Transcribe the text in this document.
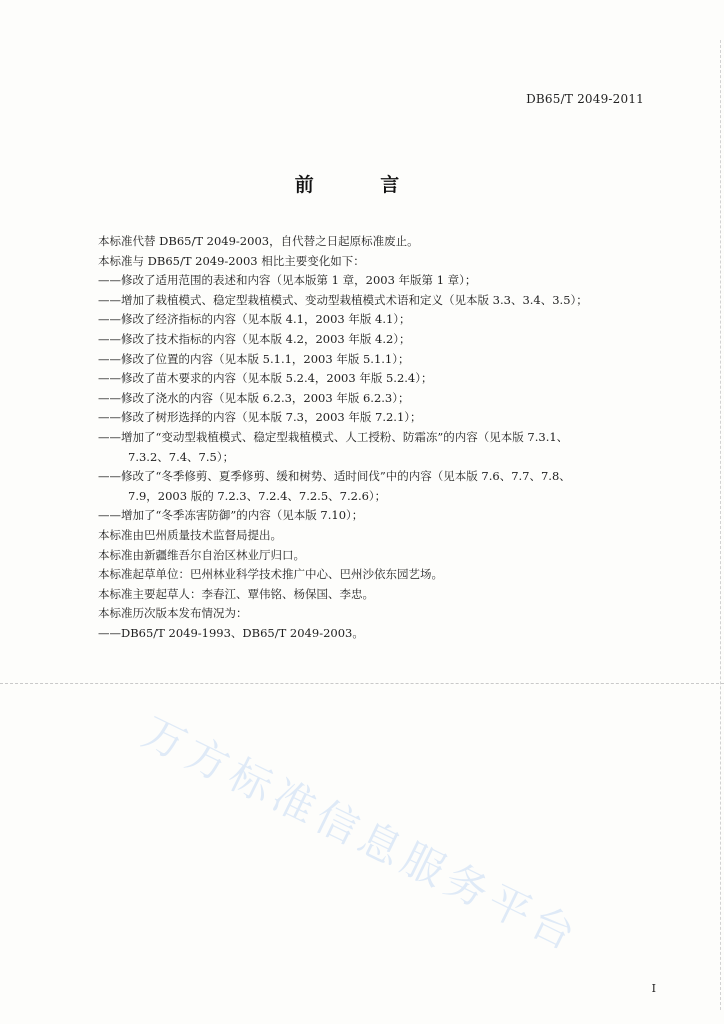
DB65/T 2049-2011
前 言
本标准代替 DB65/T 2049-2003，自代替之日起原标准废止。
本标准与 DB65/T 2049-2003 相比主要变化如下：
——修改了适用范围的表述和内容（见本版第 1 章，2003 年版第 1 章）；
——增加了栽植模式、稳定型栽植模式、变动型栽植模式术语和定义（见本版 3.3、3.4、3.5）；
——修改了经济指标的内容（见本版 4.1，2003 年版 4.1）；
——修改了技术指标的内容（见本版 4.2，2003 年版 4.2）；
——修改了位置的内容（见本版 5.1.1，2003 年版 5.1.1）；
——修改了苗木要求的内容（见本版 5.2.4，2003 年版 5.2.4）；
——修改了浇水的内容（见本版 6.2.3，2003 年版 6.2.3）；
——修改了树形选择的内容（见本版 7.3，2003 年版 7.2.1）；
——增加了“变动型栽植模式、稳定型栽植模式、人工授粉、防霜冻”的内容（见本版 7.3.1、
7.3.2、7.4、7.5）；
——修改了“冬季修剪、夏季修剪、缓和树势、适时间伐”中的内容（见本版 7.6、7.7、7.8、
7.9，2003 版的 7.2.3、7.2.4、7.2.5、7.2.6）；
——增加了“冬季冻害防御”的内容（见本版 7.10）；
本标准由巴州质量技术监督局提出。
本标准由新疆维吾尔自治区林业厅归口。
本标准起草单位：巴州林业科学技术推广中心、巴州沙依东园艺场。
本标准主要起草人：李春江、覃伟铭、杨保国、李忠。
本标准历次版本发布情况为：
——DB65/T 2049-1993、DB65/T 2049-2003。
万方标准信息服务平台
I
